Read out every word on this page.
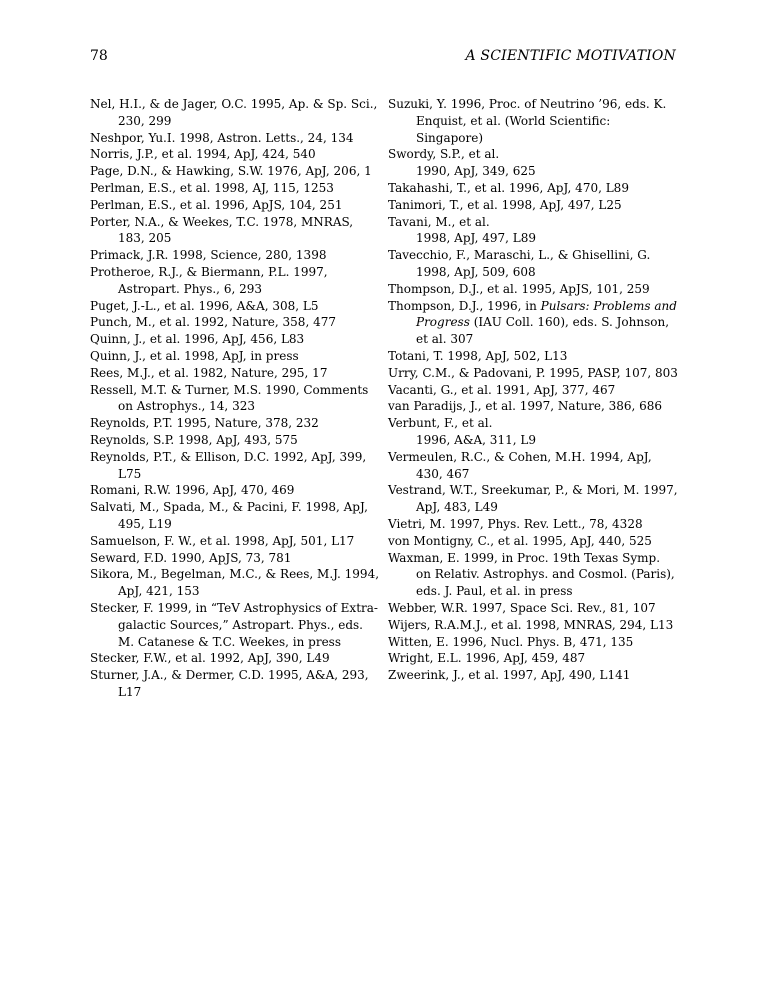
78	A SCIENTIFIC MOTIVATION

Nel, H.I., & de Jager, O.C. 1995, Ap. & Sp. Sci., 230, 299

Neshpor, Yu.I. 1998, Astron. Letts., 24, 134

Norris, J.P., et al. 1994, ApJ, 424, 540

Page, D.N., & Hawking, S.W. 1976, ApJ, 206, 1

Perlman, E.S., et al. 1998, AJ, 115, 1253

Perlman, E.S., et al. 1996, ApJS, 104, 251

Porter, N.A., & Weekes, T.C. 1978, MNRAS, 183, 205

Primack, J.R. 1998, Science, 280, 1398

Protheroe, R.J., & Biermann, P.L. 1997, Astropart. Phys., 6, 293

Puget, J.-L., et al. 1996, A&A, 308, L5

Punch, M., et al. 1992, Nature, 358, 477

Quinn, J., et al. 1996, ApJ, 456, L83

Quinn, J., et al. 1998, ApJ, in press

Rees, M.J., et al. 1982, Nature, 295, 17

Ressell, M.T. & Turner, M.S. 1990, Comments on Astrophys., 14, 323

Reynolds, P.T. 1995, Nature, 378, 232

Reynolds, S.P. 1998, ApJ, 493, 575

Reynolds, P.T., & Ellison, D.C. 1992, ApJ, 399, L75

Romani, R.W. 1996, ApJ, 470, 469

Salvati, M., Spada, M., & Pacini, F. 1998, ApJ, 495, L19

Samuelson, F. W., et al. 1998, ApJ, 501, L17

Seward, F.D. 1990, ApJS, 73, 781

Sikora, M., Begelman, M.C., & Rees, M.J. 1994, ApJ, 421, 153

Stecker, F. 1999, in “TeV Astrophysics of Extra-galactic Sources,” Astropart. Phys., eds. M. Catanese & T.C. Weekes, in press

Stecker, F.W., et al. 1992, ApJ, 390, L49

Sturner, J.A., & Dermer, C.D. 1995, A&A, 293, L17

Suzuki, Y. 1996, Proc. of Neutrino ’96, eds. K. Enquist, et al. (World Scientific: Singapore)

Swordy, S.P., et al.

1990, ApJ, 349, 625

Takahashi, T., et al. 1996, ApJ, 470, L89

Tanimori, T., et al. 1998, ApJ, 497, L25

Tavani, M., et al.

1998, ApJ, 497, L89

Tavecchio, F., Maraschi, L., & Ghisellini, G. 1998, ApJ, 509, 608

Thompson, D.J., et al. 1995, ApJS, 101, 259

Thompson, D.J., 1996, in Pulsars: Problems and Progress (IAU Coll. 160), eds. S. Johnson, et al. 307

Totani, T. 1998, ApJ, 502, L13

Urry, C.M., & Padovani, P. 1995, PASP, 107, 803

Vacanti, G., et al. 1991, ApJ, 377, 467

van Paradijs, J., et al. 1997, Nature, 386, 686

Verbunt, F., et al.

1996, A&A, 311, L9

Vermeulen, R.C., & Cohen, M.H. 1994, ApJ, 430, 467

Vestrand, W.T., Sreekumar, P., & Mori, M. 1997, ApJ, 483, L49

Vietri, M. 1997, Phys. Rev. Lett., 78, 4328

von Montigny, C., et al. 1995, ApJ, 440, 525

Waxman, E. 1999, in Proc. 19th Texas Symp. on Relativ. Astrophys. and Cosmol. (Paris), eds. J. Paul, et al. in press

Webber, W.R. 1997, Space Sci. Rev., 81, 107

Wijers, R.A.M.J., et al. 1998, MNRAS, 294, L13

Witten, E. 1996, Nucl. Phys. B, 471, 135

Wright, E.L. 1996, ApJ, 459, 487

Zweerink, J., et al. 1997, ApJ, 490, L141
